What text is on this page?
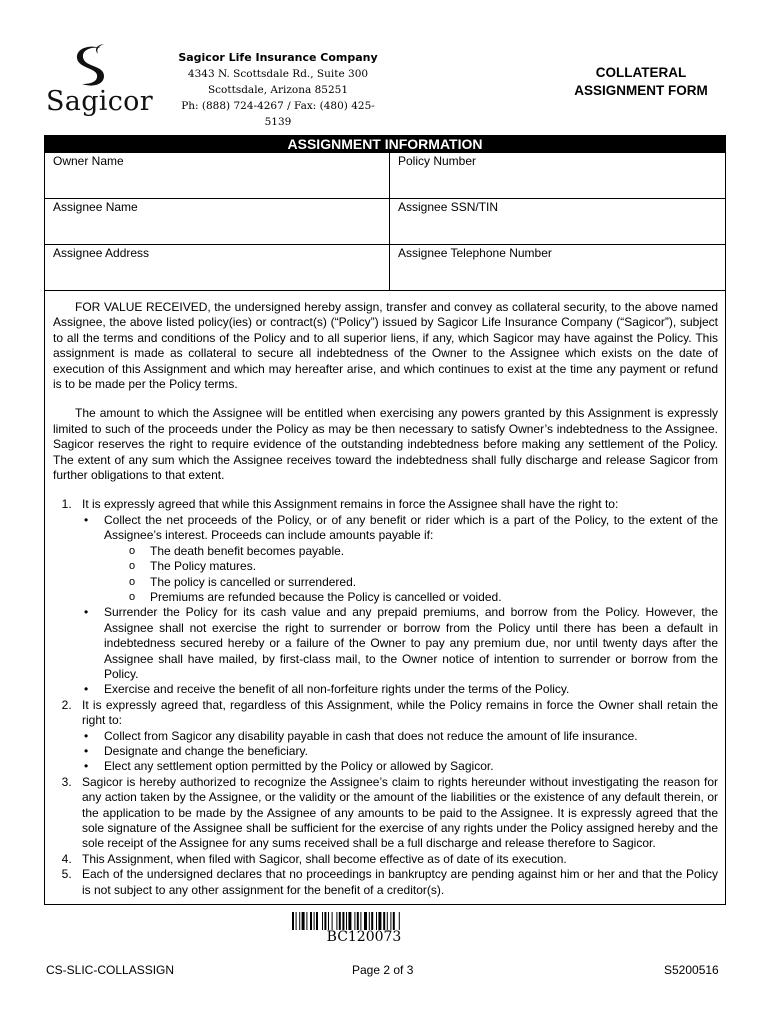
Sagicor
Sagicor Life Insurance Company
4343 N. Scottsdale Rd., Suite 300
Scottsdale, Arizona 85251
Ph: (888) 724-4267 / Fax: (480) 425-5139
COLLATERAL
ASSIGNMENT FORM
ASSIGNMENT INFORMATION
Owner Name	Policy Number
Assignee Name	Assignee SSN/TIN
Assignee Address	Assignee Telephone Number

FOR VALUE RECEIVED, the undersigned hereby assign, transfer and convey as collateral security, to the above named Assignee, the above listed policy(ies) or contract(s) (“Policy”) issued by Sagicor Life Insurance Company (“Sagicor”), subject to all the terms and conditions of the Policy and to all superior liens, if any, which Sagicor may have against the Policy. This assignment is made as collateral to secure all indebtedness of the Owner to the Assignee which exists on the date of execution of this Assignment and which may hereafter arise, and which continues to exist at the time any payment or refund is to be made per the Policy terms.

The amount to which the Assignee will be entitled when exercising any powers granted by this Assignment is expressly limited to such of the proceeds under the Policy as may be then necessary to satisfy Owner’s indebtedness to the Assignee. Sagicor reserves the right to require evidence of the outstanding indebtedness before making any settlement of the Policy. The extent of any sum which the Assignee receives toward the indebtedness shall fully discharge and release Sagicor from further obligations to that extent.

1. It is expressly agreed that while this Assignment remains in force the Assignee shall have the right to:
• Collect the net proceeds of the Policy, or of any benefit or rider which is a part of the Policy, to the extent of the Assignee’s interest. Proceeds can include amounts payable if:
o The death benefit becomes payable.
o The Policy matures.
o The policy is cancelled or surrendered.
o Premiums are refunded because the Policy is cancelled or voided.
• Surrender the Policy for its cash value and any prepaid premiums, and borrow from the Policy. However, the Assignee shall not exercise the right to surrender or borrow from the Policy until there has been a default in indebtedness secured hereby or a failure of the Owner to pay any premium due, nor until twenty days after the Assignee shall have mailed, by first-class mail, to the Owner notice of intention to surrender or borrow from the Policy.
• Exercise and receive the benefit of all non-forfeiture rights under the terms of the Policy.
2. It is expressly agreed that, regardless of this Assignment, while the Policy remains in force the Owner shall retain the right to:
• Collect from Sagicor any disability payable in cash that does not reduce the amount of life insurance.
• Designate and change the beneficiary.
• Elect any settlement option permitted by the Policy or allowed by Sagicor.
3. Sagicor is hereby authorized to recognize the Assignee’s claim to rights hereunder without investigating the reason for any action taken by the Assignee, or the validity or the amount of the liabilities or the existence of any default therein, or the application to be made by the Assignee of any amounts to be paid to the Assignee. It is expressly agreed that the sole signature of the Assignee shall be sufficient for the exercise of any rights under the Policy assigned hereby and the sole receipt of the Assignee for any sums received shall be a full discharge and release therefore to Sagicor.
4. This Assignment, when filed with Sagicor, shall become effective as of date of its execution.
5. Each of the undersigned declares that no proceedings in bankruptcy are pending against him or her and that the Policy is not subject to any other assignment for the benefit of a creditor(s).
BC120073
CS-SLIC-COLLASSIGN	Page 2 of 3	S5200516
